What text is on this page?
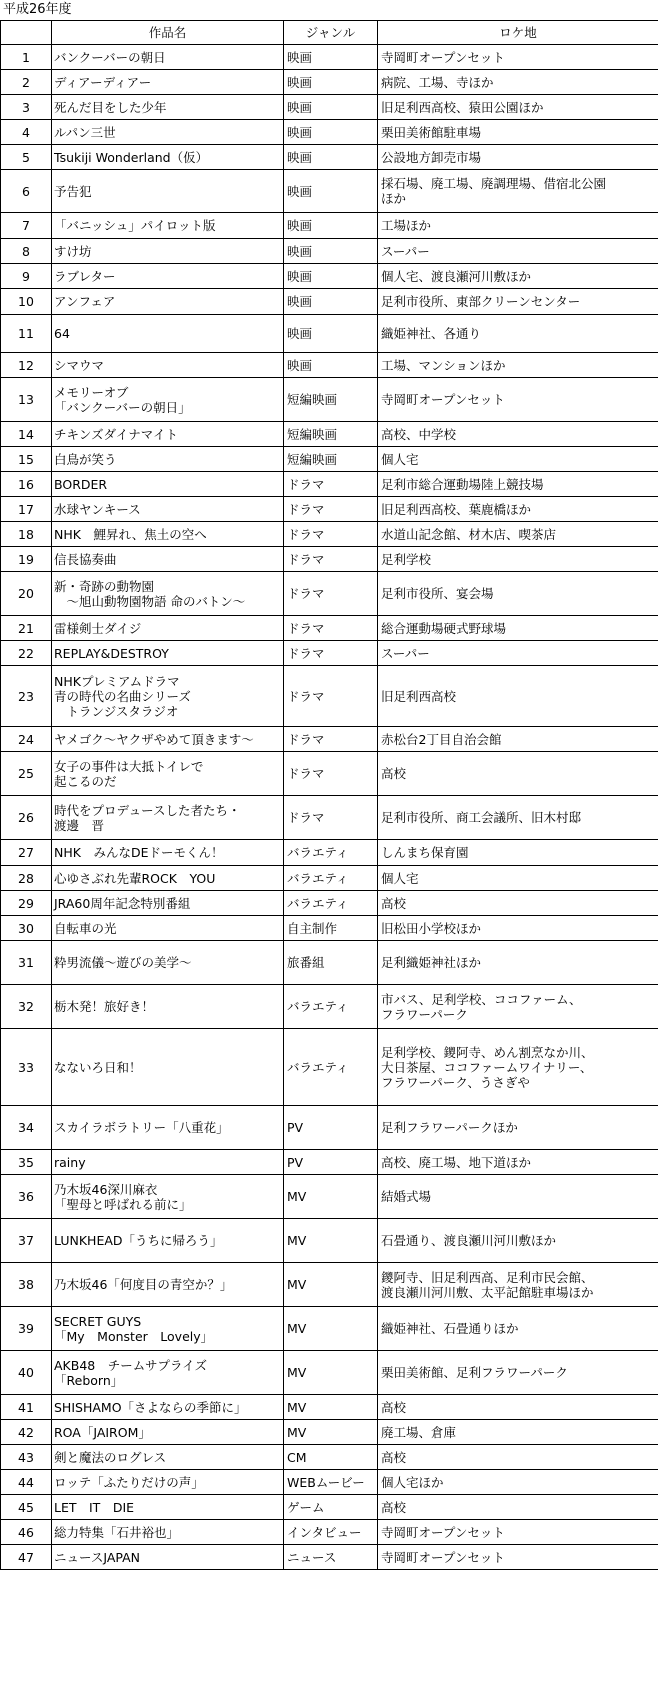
平成26年度
	作品名	ジャンル	ロケ地
1	バンクーバーの朝日	映画	寺岡町オープンセット
2	ディアーディアー	映画	病院、工場、寺ほか
3	死んだ目をした少年	映画	旧足利西高校、猿田公園ほか
4	ルパン三世	映画	栗田美術館駐車場
5	Tsukiji Wonderland（仮）	映画	公設地方卸売市場
6	予告犯	映画	採石場、廃工場、廃調理場、借宿北公園
ほか
7	「バニッシュ」パイロット版	映画	工場ほか
8	すけ坊	映画	スーパー
9	ラブレター	映画	個人宅、渡良瀬河川敷ほか
10	アンフェア	映画	足利市役所、東部クリーンセンター
11	64	映画	織姫神社、各通り
12	シマウマ	映画	工場、マンションほか
13	メモリーオブ
「バンクーバーの朝日」	短編映画	寺岡町オープンセット
14	チキンズダイナマイト	短編映画	高校、中学校
15	白鳥が笑う	短編映画	個人宅
16	BORDER	ドラマ	足利市総合運動場陸上競技場
17	水球ヤンキース	ドラマ	旧足利西高校、葉鹿橋ほか
18	NHK　鯉昇れ、焦土の空へ	ドラマ	水道山記念館、材木店、喫茶店
19	信長協奏曲	ドラマ	足利学校
20	新・奇跡の動物園
　～旭山動物園物語 命のバトン～	ドラマ	足利市役所、宴会場
21	雷様剣士ダイジ	ドラマ	総合運動場硬式野球場
22	REPLAY&DESTROY	ドラマ	スーパー
23	NHKプレミアムドラマ
青の時代の名曲シリーズ
　トランジスタラジオ	ドラマ	旧足利西高校
24	ヤメゴク～ヤクザやめて頂きます～	ドラマ	赤松台2丁目自治会館
25	女子の事件は大抵トイレで
起こるのだ	ドラマ	高校
26	時代をプロデュースした者たち・
渡邊　晋	ドラマ	足利市役所、商工会議所、旧木村邸
27	NHK　みんなDEドーモくん！	バラエティ	しんまち保育園
28	心ゆさぶれ先輩ROCK　YOU	バラエティ	個人宅
29	JRA60周年記念特別番組	バラエティ	高校
30	自転車の光	自主制作	旧松田小学校ほか
31	粋男流儀～遊びの美学～	旅番組	足利織姫神社ほか
32	栃木発！旅好き！	バラエティ	市バス、足利学校、ココファーム、
フラワーパーク
33	なないろ日和！	バラエティ	足利学校、鑁阿寺、めん割烹なか川、
大日茶屋、ココファームワイナリー、
フラワーパーク、うさぎや
34	スカイラボラトリー「八重花」	PV	足利フラワーパークほか
35	rainy	PV	高校、廃工場、地下道ほか
36	乃木坂46深川麻衣
「聖母と呼ばれる前に」	MV	結婚式場
37	LUNKHEAD「うちに帰ろう」	MV	石畳通り、渡良瀬川河川敷ほか
38	乃木坂46「何度目の青空か？」	MV	鑁阿寺、旧足利西高、足利市民会館、
渡良瀬川河川敷、太平記館駐車場ほか
39	SECRET GUYS
「My　Monster　Lovely」	MV	織姫神社、石畳通りほか
40	AKB48　チームサプライズ
「Reborn」	MV	栗田美術館、足利フラワーパーク
41	SHISHAMO「さよならの季節に」	MV	高校
42	ROA「JAIROM」	MV	廃工場、倉庫
43	剣と魔法のログレス	CM	高校
44	ロッテ「ふたりだけの声」	WEBムービー	個人宅ほか
45	LET　IT　DIE	ゲーム	高校
46	総力特集「石井裕也」	インタビュー	寺岡町オープンセット
47	ニュースJAPAN	ニュース	寺岡町オープンセット
